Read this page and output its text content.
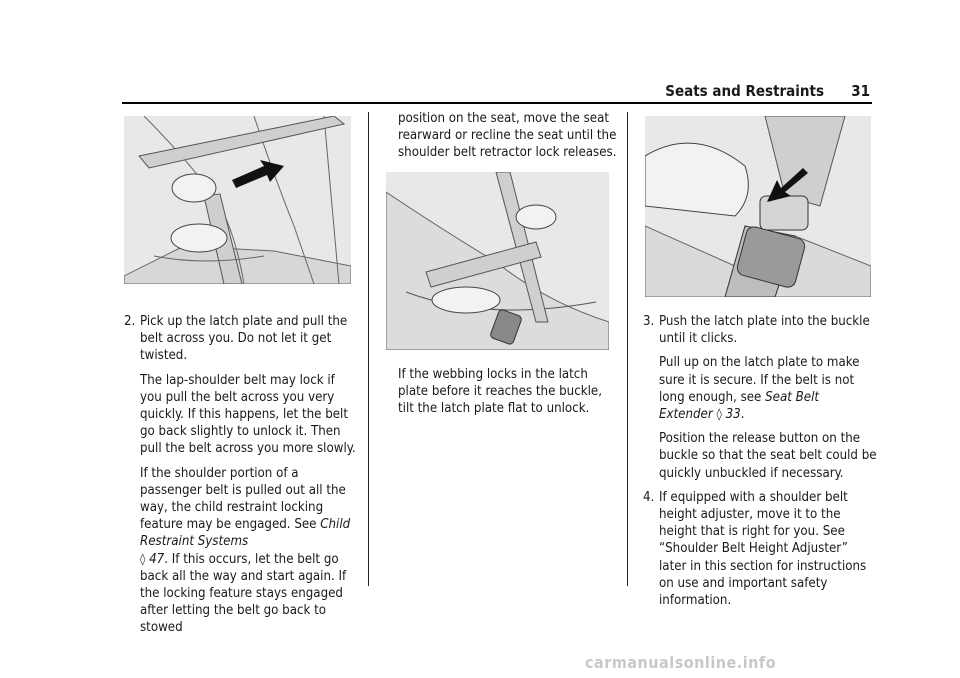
Seats and Restraints 31
2. Pick up the latch plate and pull the belt across you. Do not let it get twisted.

The lap-shoulder belt may lock if you pull the belt across you very quickly. If this happens, let the belt go back slightly to unlock it. Then pull the belt across you more slowly.

If the shoulder portion of a passenger belt is pulled out all the way, the child restraint locking feature may be engaged. See Child Restraint Systems
◊ 47. If this occurs, let the belt go back all the way and start again. If the locking feature stays engaged after letting the belt go back to stowed

position on the seat, move the seat rearward or recline the seat until the shoulder belt retractor lock releases.

If the webbing locks in the latch plate before it reaches the buckle, tilt the latch plate flat to unlock.

3. Push the latch plate into the buckle until it clicks.

Pull up on the latch plate to make sure it is secure. If the belt is not long enough, see Seat Belt Extender ◊ 33.

Position the release button on the buckle so that the seat belt could be quickly unbuckled if necessary.

4. If equipped with a shoulder belt height adjuster, move it to the height that is right for you. See “Shoulder Belt Height Adjuster” later in this section for instructions on use and important safety information.
carmanualsonline.info
